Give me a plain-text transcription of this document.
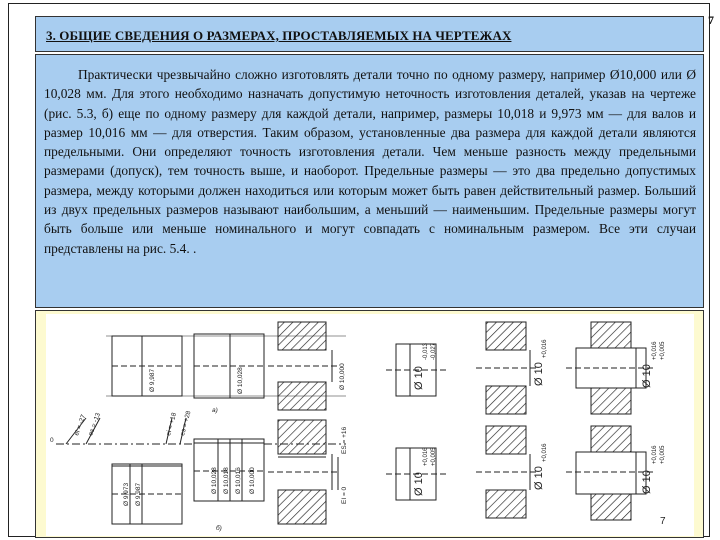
3. ОБЩИЕ СВЕДЕНИЯ О РАЗМЕРАХ, ПРОСТАВЛЯЕМЫХ НА ЧЕРТЕЖАХ

Практически чрезвычайно сложно изготовлять детали точно по одному размеру, например Ø10,000 или Ø 10,028 мм. Для этого необходимо назначать допустимую неточность изготовления деталей, указав на чертеже (рис. 5.3, б) еще по одному размеру для каждой детали, например, размеры 10,018 и 9,973 мм — для валов и размер 10,016 мм — для отверстия. Таким образом, установленные два размера для каждой детали являются предельными. Они определяют точность изготовления детали. Чем меньше разность между предельными размерами (допуск), тем точность выше, и наоборот. Предельные размеры — это два предельно допустимых размера, между которыми должен находиться или которым может быть равен действительный размер. Больший из двух предельных размеров называют наибольшим, а меньший — наименьшим. Предельные размеры могут быть больше или меньше номинального и могут совпадать с номинальным размером. Все эти случаи представлены на рис. 5.4. .

Ø 9,987	Ø 10,028	Ø 10,000
а)
0
ei = -27 es = -13	ei = +18 es = +28
Ø 9,973 Ø 9,987
Ø 10,028 Ø 10,018 Ø 10,016 Ø 10,000
ES = +16
EI = 0
б)
Ø 10
-0,013 -0,027
Ø 10
+0,016
Ø 10
+0,016 +0,005
Ø 10
+0,016 +0,005
Ø 10
+0,016
Ø 10
+0,016 +0,005
7
7
